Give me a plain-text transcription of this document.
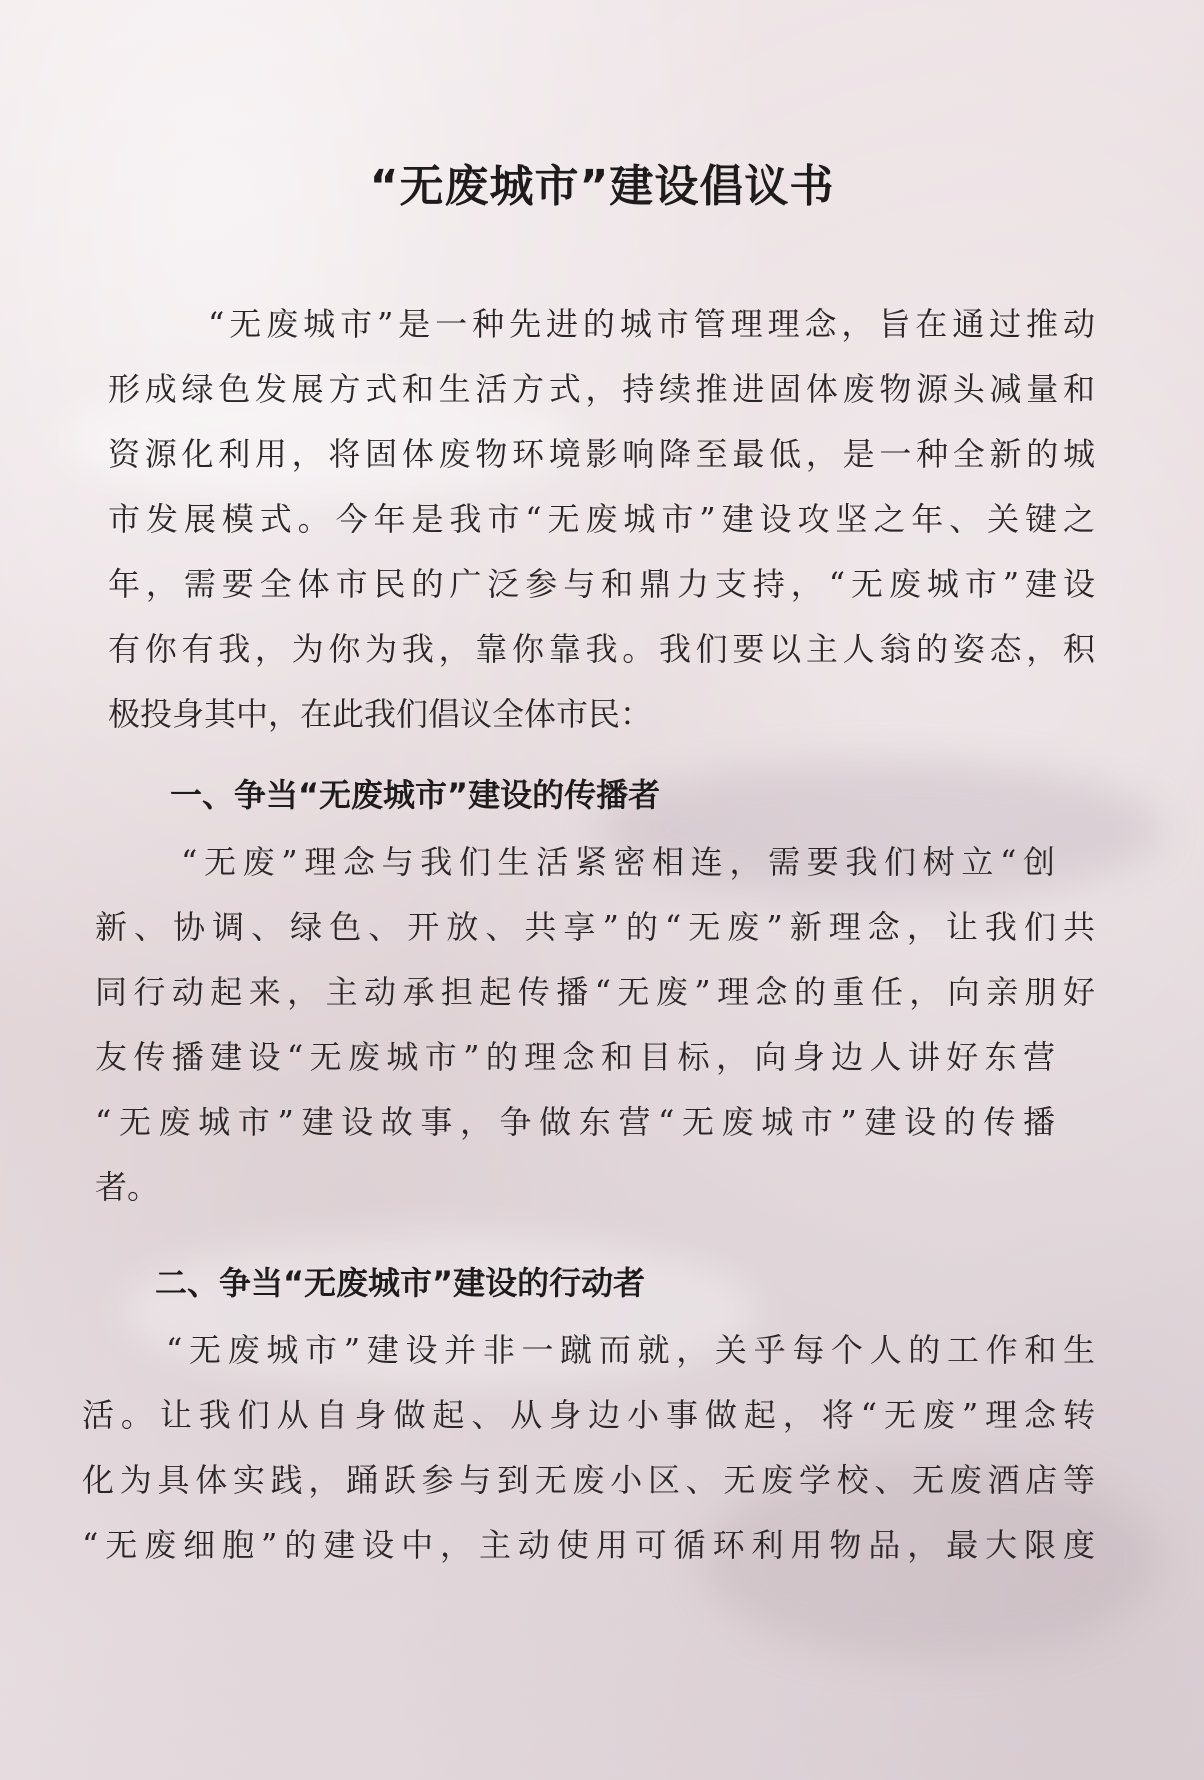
“无废城市”建设倡议书
“无废城市”是一种先进的城市管理理念，旨在通过推动
形成绿色发展方式和生活方式，持续推进固体废物源头减量和
资源化利用，将固体废物环境影响降至最低，是一种全新的城
市发展模式。今年是我市“无废城市”建设攻坚之年、关键之
年，需要全体市民的广泛参与和鼎力支持，“无废城市”建设
有你有我，为你为我，靠你靠我。我们要以主人翁的姿态，积
极投身其中，在此我们倡议全体市民：
一、争当“无废城市”建设的传播者
“无废”理念与我们生活紧密相连，需要我们树立“创
新、协调、绿色、开放、共享”的“无废”新理念，让我们共
同行动起来，主动承担起传播“无废”理念的重任，向亲朋好
友传播建设“无废城市”的理念和目标，向身边人讲好东营
“无废城市”建设故事，争做东营“无废城市”建设的传播
者。
二、争当“无废城市”建设的行动者
“无废城市”建设并非一蹴而就，关乎每个人的工作和生
活。让我们从自身做起、从身边小事做起，将“无废”理念转
化为具体实践，踊跃参与到无废小区、无废学校、无废酒店等
“无废细胞”的建设中，主动使用可循环利用物品，最大限度
